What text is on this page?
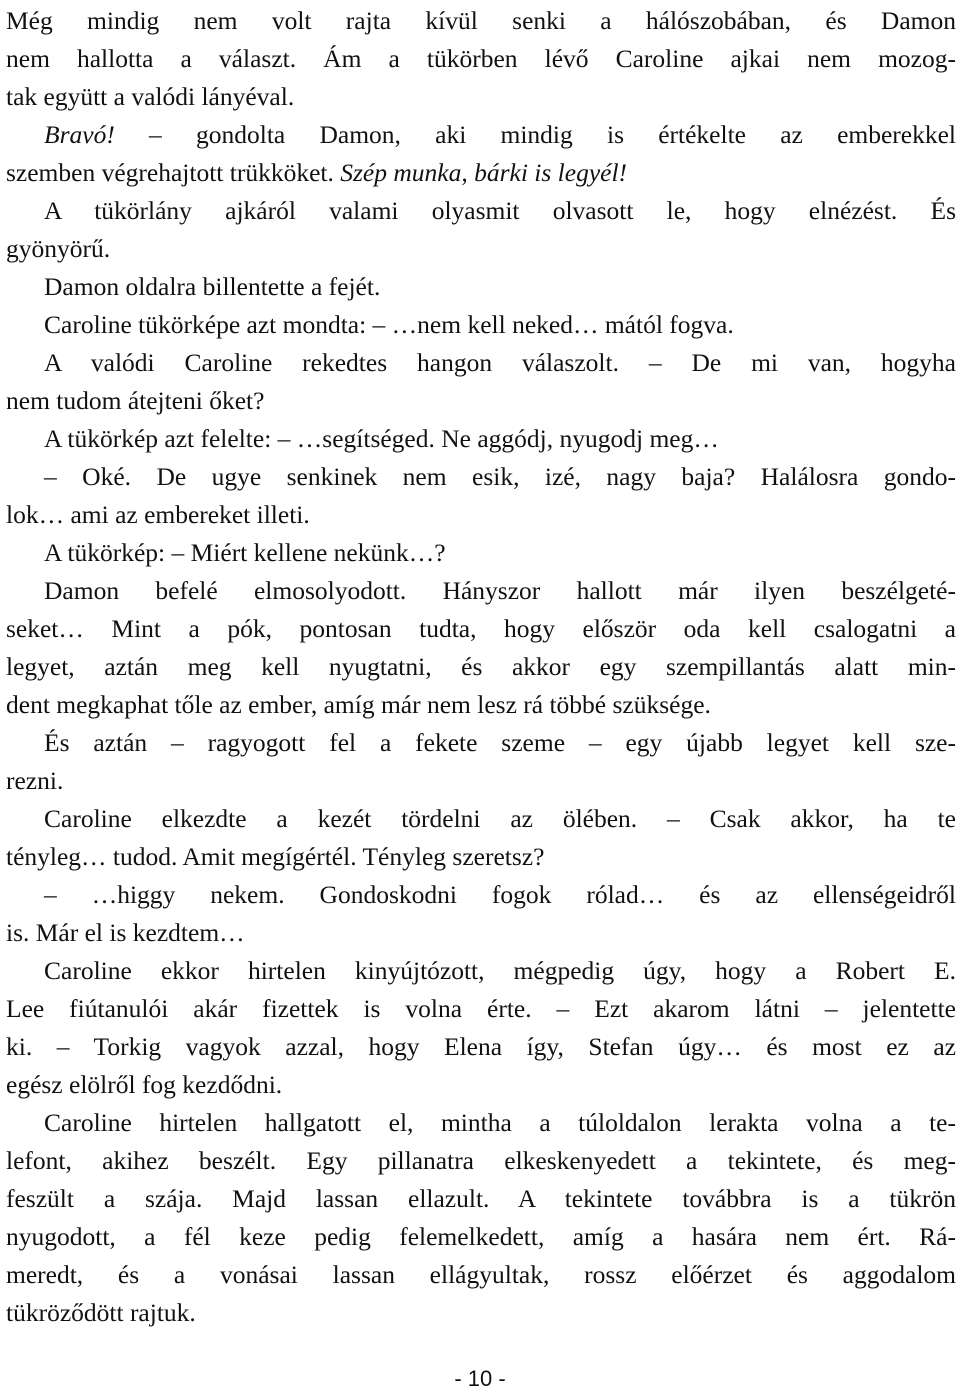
Még mindig nem volt rajta kívül senki a hálószobában, és Damon
nem hallotta a választ. Ám a tükörben lévő Caroline ajkai nem mozog-
tak együtt a valódi lányéval.
Bravó! – gondolta Damon, aki mindig is értékelte az emberekkel
szemben végrehajtott trükköket. Szép munka, bárki is legyél!
A tükörlány ajkáról valami olyasmit olvasott le, hogy elnézést. És
gyönyörű.
Damon oldalra billentette a fejét.
Caroline tükörképe azt mondta: – …nem kell neked… mától fogva.
A valódi Caroline rekedtes hangon válaszolt. – De mi van, hogyha
nem tudom átejteni őket?
A tükörkép azt felelte: – …segítséged. Ne aggódj, nyugodj meg…
– Oké. De ugye senkinek nem esik, izé, nagy baja? Halálosra gondo-
lok… ami az embereket illeti.
A tükörkép: – Miért kellene nekünk…?
Damon befelé elmosolyodott. Hányszor hallott már ilyen beszélgeté-
seket… Mint a pók, pontosan tudta, hogy először oda kell csalogatni a
legyet, aztán meg kell nyugtatni, és akkor egy szempillantás alatt min-
dent megkaphat tőle az ember, amíg már nem lesz rá többé szüksége.
És aztán – ragyogott fel a fekete szeme – egy újabb legyet kell sze-
rezni.
Caroline elkezdte a kezét tördelni az ölében. – Csak akkor, ha te
tényleg… tudod. Amit megígértél. Tényleg szeretsz?
– …higgy nekem. Gondoskodni fogok rólad… és az ellenségeidről
is. Már el is kezdtem…
Caroline ekkor hirtelen kinyújtózott, mégpedig úgy, hogy a Robert E.
Lee fiútanulói akár fizettek is volna érte. – Ezt akarom látni – jelentette
ki. – Torkig vagyok azzal, hogy Elena így, Stefan úgy… és most ez az
egész elölről fog kezdődni.
Caroline hirtelen hallgatott el, mintha a túloldalon lerakta volna a te-
lefont, akihez beszélt. Egy pillanatra elkeskenyedett a tekintete, és meg-
feszült a szája. Majd lassan ellazult. A tekintete továbbra is a tükrön
nyugodott, a fél keze pedig felemelkedett, amíg a hasára nem ért. Rá-
meredt, és a vonásai lassan ellágyultak, rossz előérzet és aggodalom
tükröződött rajtuk.
- 10 -
